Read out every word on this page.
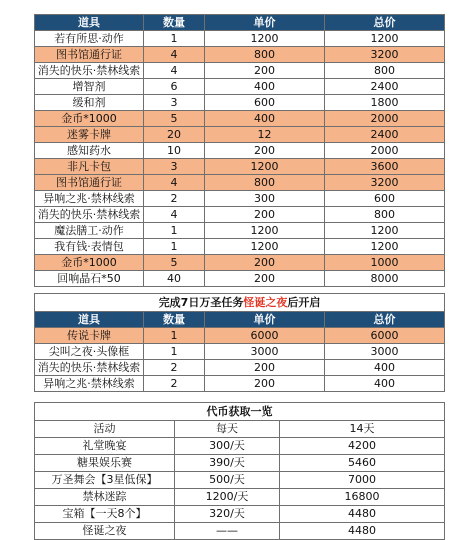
道具	数量	单价	总价
若有所思·动作	1	1200	1200
图书馆通行证	4	800	3200
消失的快乐·禁林线索	4	200	800
增智剂	6	400	2400
缓和剂	3	600	1800
金币*1000	5	400	2000
迷雾卡牌	20	12	2400
感知药水	10	200	2000
非凡卡包	3	1200	3600
图书馆通行证	4	800	3200
异响之兆·禁林线索	2	300	600
消失的快乐·禁林线索	4	200	800
魔法膳工·动作	1	1200	1200
我有钱·表情包	1	1200	1200
金币*1000	5	200	1000
回响晶石*50	40	200	8000
完成7日万圣任务怪诞之夜后开启			
道具	数量	单价	总价
传说卡牌	1	6000	6000
尖叫之夜·头像框	1	3000	3000
消失的快乐·禁林线索	2	200	400
异响之兆·禁林线索	2	200	400
代币获取一览		
活动	每天	14天
礼堂晚宴	300/天	4200
糖果娱乐赛	390/天	5460
万圣舞会【3星低保】	500/天	7000
禁林迷踪	1200/天	16800
宝箱【一天8个】	320/天	4480
怪诞之夜	——	4480
